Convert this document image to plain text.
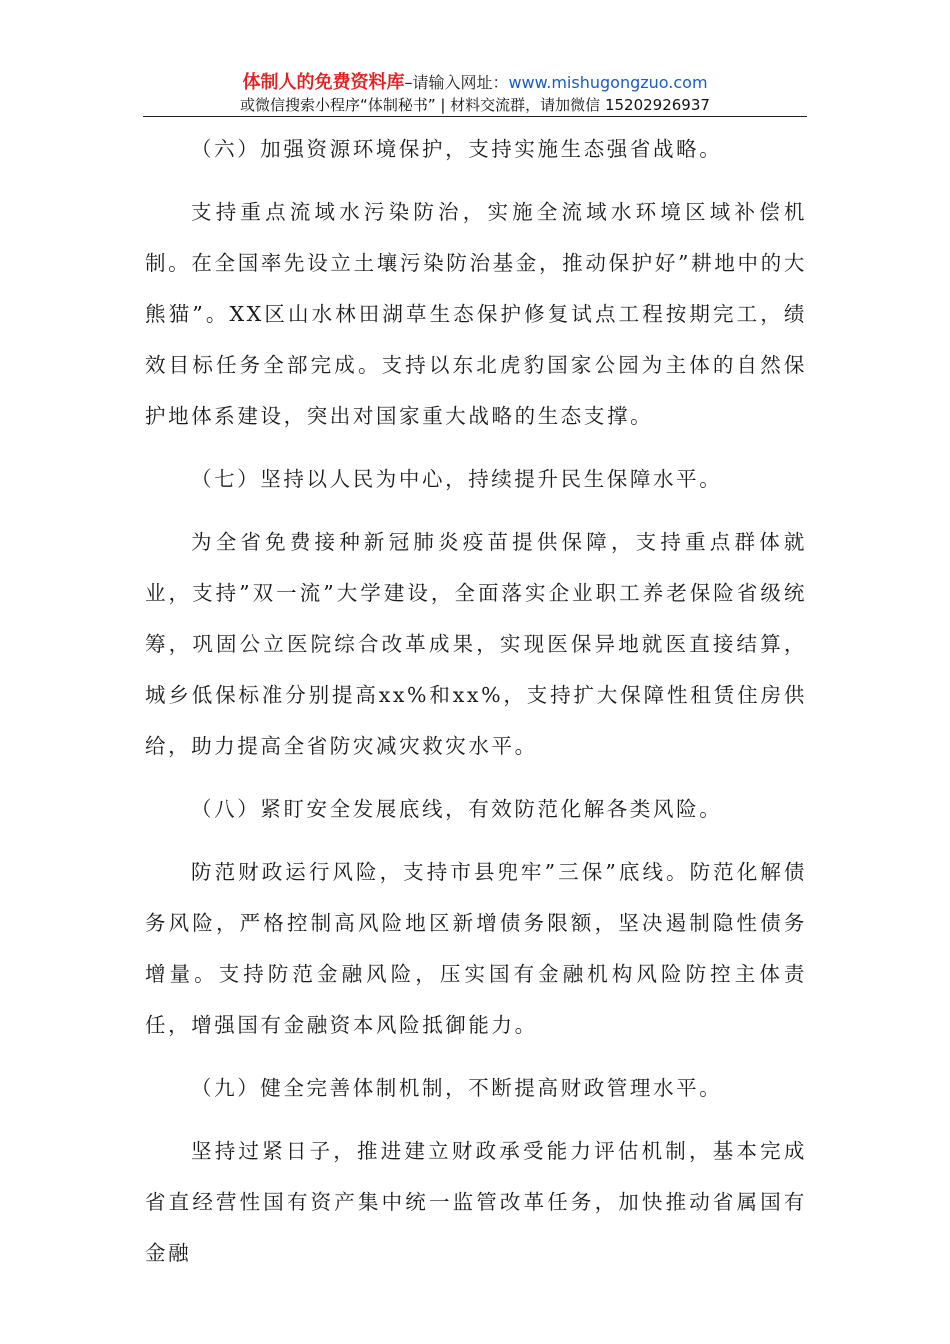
体制人的免费资料库–请输入网址：www.mishugongzuo.com
或微信搜索小程序“体制秘书” | 材料交流群，请加微信 15202926937

（六）加强资源环境保护，支持实施生态强省战略。

支持重点流域水污染防治，实施全流域水环境区域补偿机制。在全国率先设立土壤污染防治基金，推动保护好”耕地中的大熊猫”。XX区山水林田湖草生态保护修复试点工程按期完工，绩效目标任务全部完成。支持以东北虎豹国家公园为主体的自然保护地体系建设，突出对国家重大战略的生态支撑。

（七）坚持以人民为中心，持续提升民生保障水平。

为全省免费接种新冠肺炎疫苗提供保障，支持重点群体就业，支持”双一流”大学建设，全面落实企业职工养老保险省级统筹，巩固公立医院综合改革成果，实现医保异地就医直接结算，城乡低保标准分别提高xx%和xx%，支持扩大保障性租赁住房供给，助力提高全省防灾减灾救灾水平。

（八）紧盯安全发展底线，有效防范化解各类风险。

防范财政运行风险，支持市县兜牢”三保”底线。防范化解债务风险，严格控制高风险地区新增债务限额，坚决遏制隐性债务增量。支持防范金融风险，压实国有金融机构风险防控主体责任，增强国有金融资本风险抵御能力。

（九）健全完善体制机制，不断提高财政管理水平。

坚持过紧日子，推进建立财政承受能力评估机制，基本完成省直经营性国有资产集中统一监管改革任务，加快推动省属国有金融
